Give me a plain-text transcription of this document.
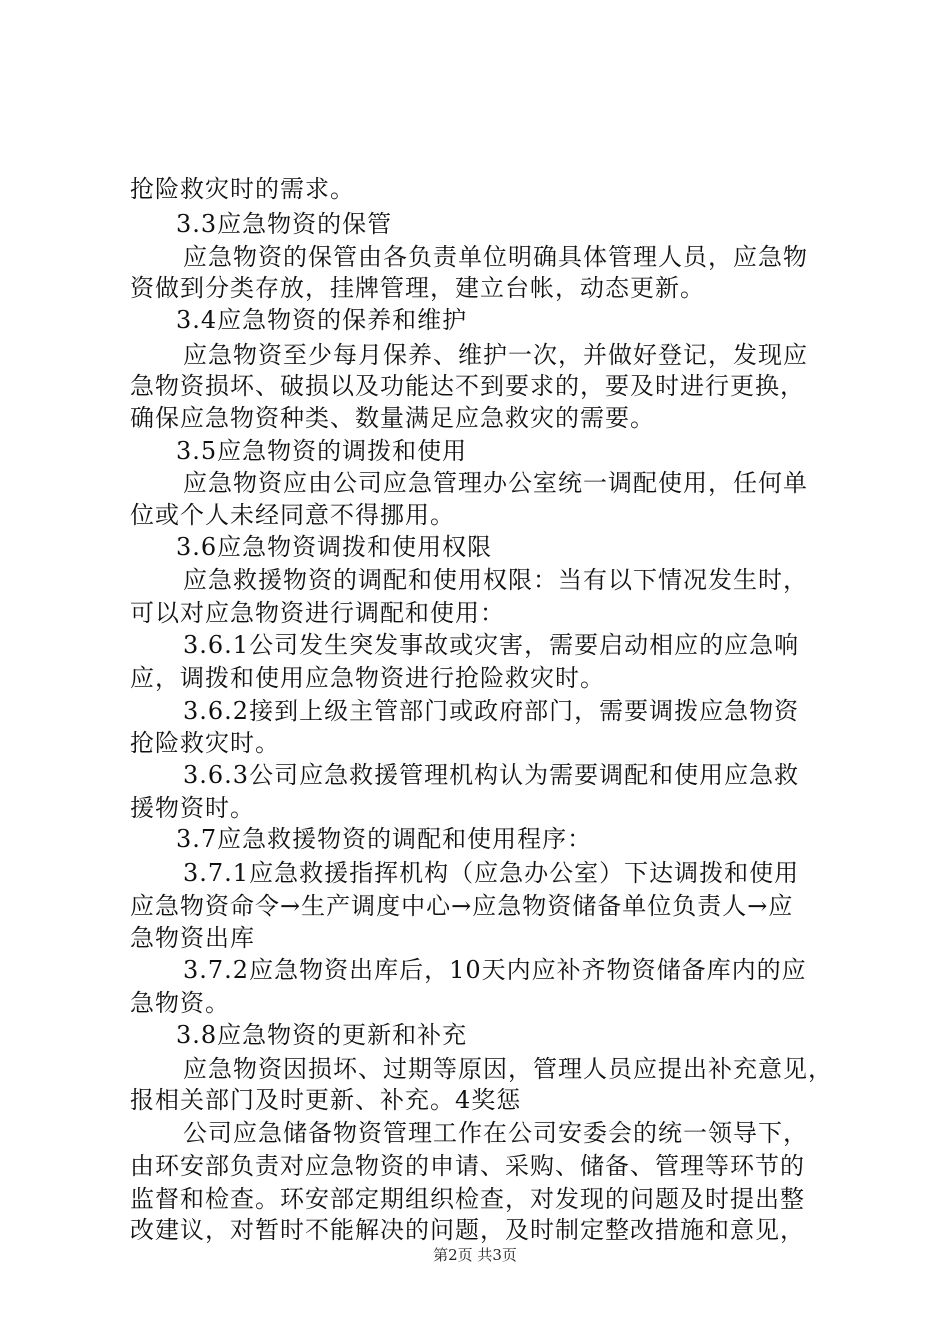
抢险救灾时的需求。
3.3应急物资的保管
应急物资的保管由各负责单位明确具体管理人员，应急物
资做到分类存放，挂牌管理，建立台帐，动态更新。
3.4应急物资的保养和维护
应急物资至少每月保养、维护一次，并做好登记，发现应
急物资损坏、破损以及功能达不到要求的，要及时进行更换，
确保应急物资种类、数量满足应急救灾的需要。
3.5应急物资的调拨和使用
应急物资应由公司应急管理办公室统一调配使用，任何单
位或个人未经同意不得挪用。
3.6应急物资调拨和使用权限
应急救援物资的调配和使用权限：当有以下情况发生时，
可以对应急物资进行调配和使用：
3.6.1公司发生突发事故或灾害，需要启动相应的应急响
应，调拨和使用应急物资进行抢险救灾时。
3.6.2接到上级主管部门或政府部门，需要调拨应急物资
抢险救灾时。
3.6.3公司应急救援管理机构认为需要调配和使用应急救
援物资时。
3.7应急救援物资的调配和使用程序：
3.7.1应急救援指挥机构（应急办公室）下达调拨和使用
应急物资命令→生产调度中心→应急物资储备单位负责人→应
急物资出库
3.7.2应急物资出库后，10天内应补齐物资储备库内的应
急物资。
3.8应急物资的更新和补充
应急物资因损坏、过期等原因，管理人员应提出补充意见，
报相关部门及时更新、补充。4奖惩
公司应急储备物资管理工作在公司安委会的统一领导下，
由环安部负责对应急物资的申请、采购、储备、管理等环节的
监督和检查。环安部定期组织检查，对发现的问题及时提出整
改建议，对暂时不能解决的问题，及时制定整改措施和意见，
第2页 共3页
